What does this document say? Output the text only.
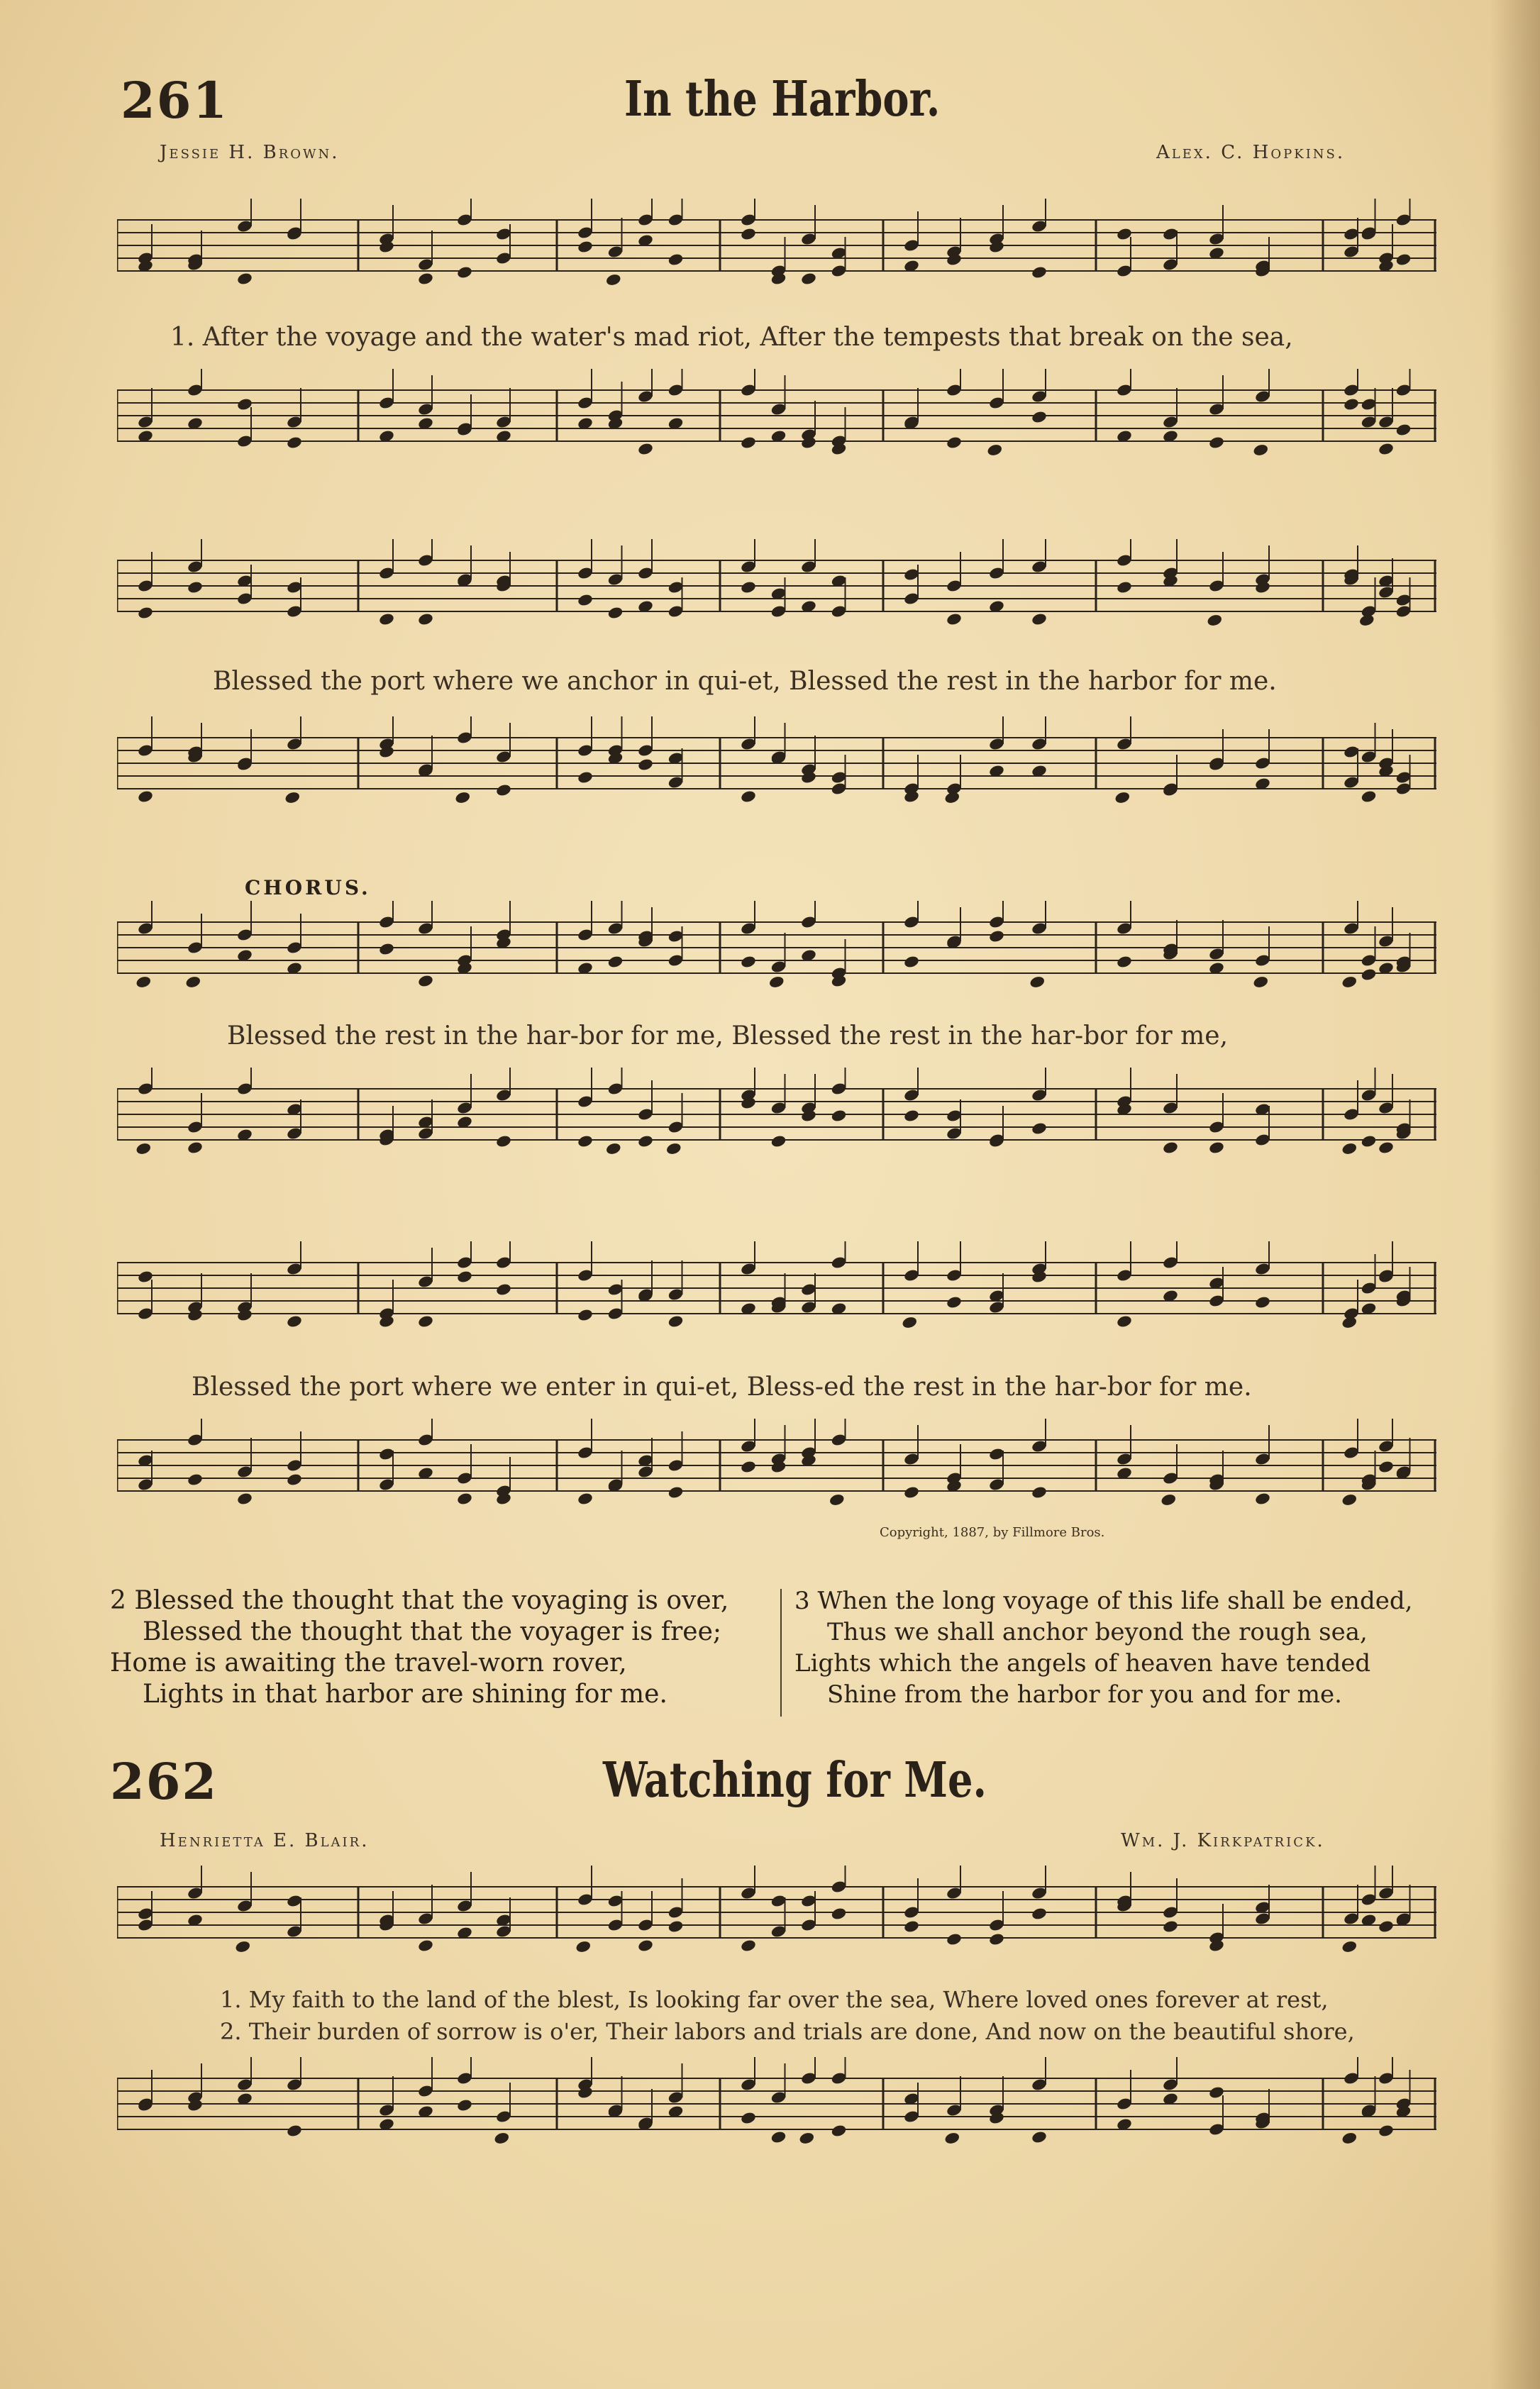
261	In the Harbor.
Jessie H. Brown.	Alex. C. Hopkins.
1. After the voyage and the water's mad riot, After the tempests that break on the sea,
Blessed the port where we anchor in qui-et, Blessed the rest in the harbor for me.
CHORUS.
Blessed the rest in the har-bor for me, Blessed the rest in the har-bor for me,
Blessed the port where we enter in qui-et, Bless-ed the rest in the har-bor for me.
Copyright, 1887, by Fillmore Bros.
2 Blessed the thought that the voyaging is over,
Blessed the thought that the voyager is free;
Home is awaiting the travel-worn rover,
Lights in that harbor are shining for me.
3 When the long voyage of this life shall be ended,
Thus we shall anchor beyond the rough sea,
Lights which the angels of heaven have tended
Shine from the harbor for you and for me.
262	Watching for Me.
Henrietta E. Blair.	Wm. J. Kirkpatrick.
1. My faith to the land of the blest, Is looking far over the sea, Where loved ones forever at rest,
2. Their burden of sorrow is o'er, Their labors and trials are done, And now on the beautiful shore,
